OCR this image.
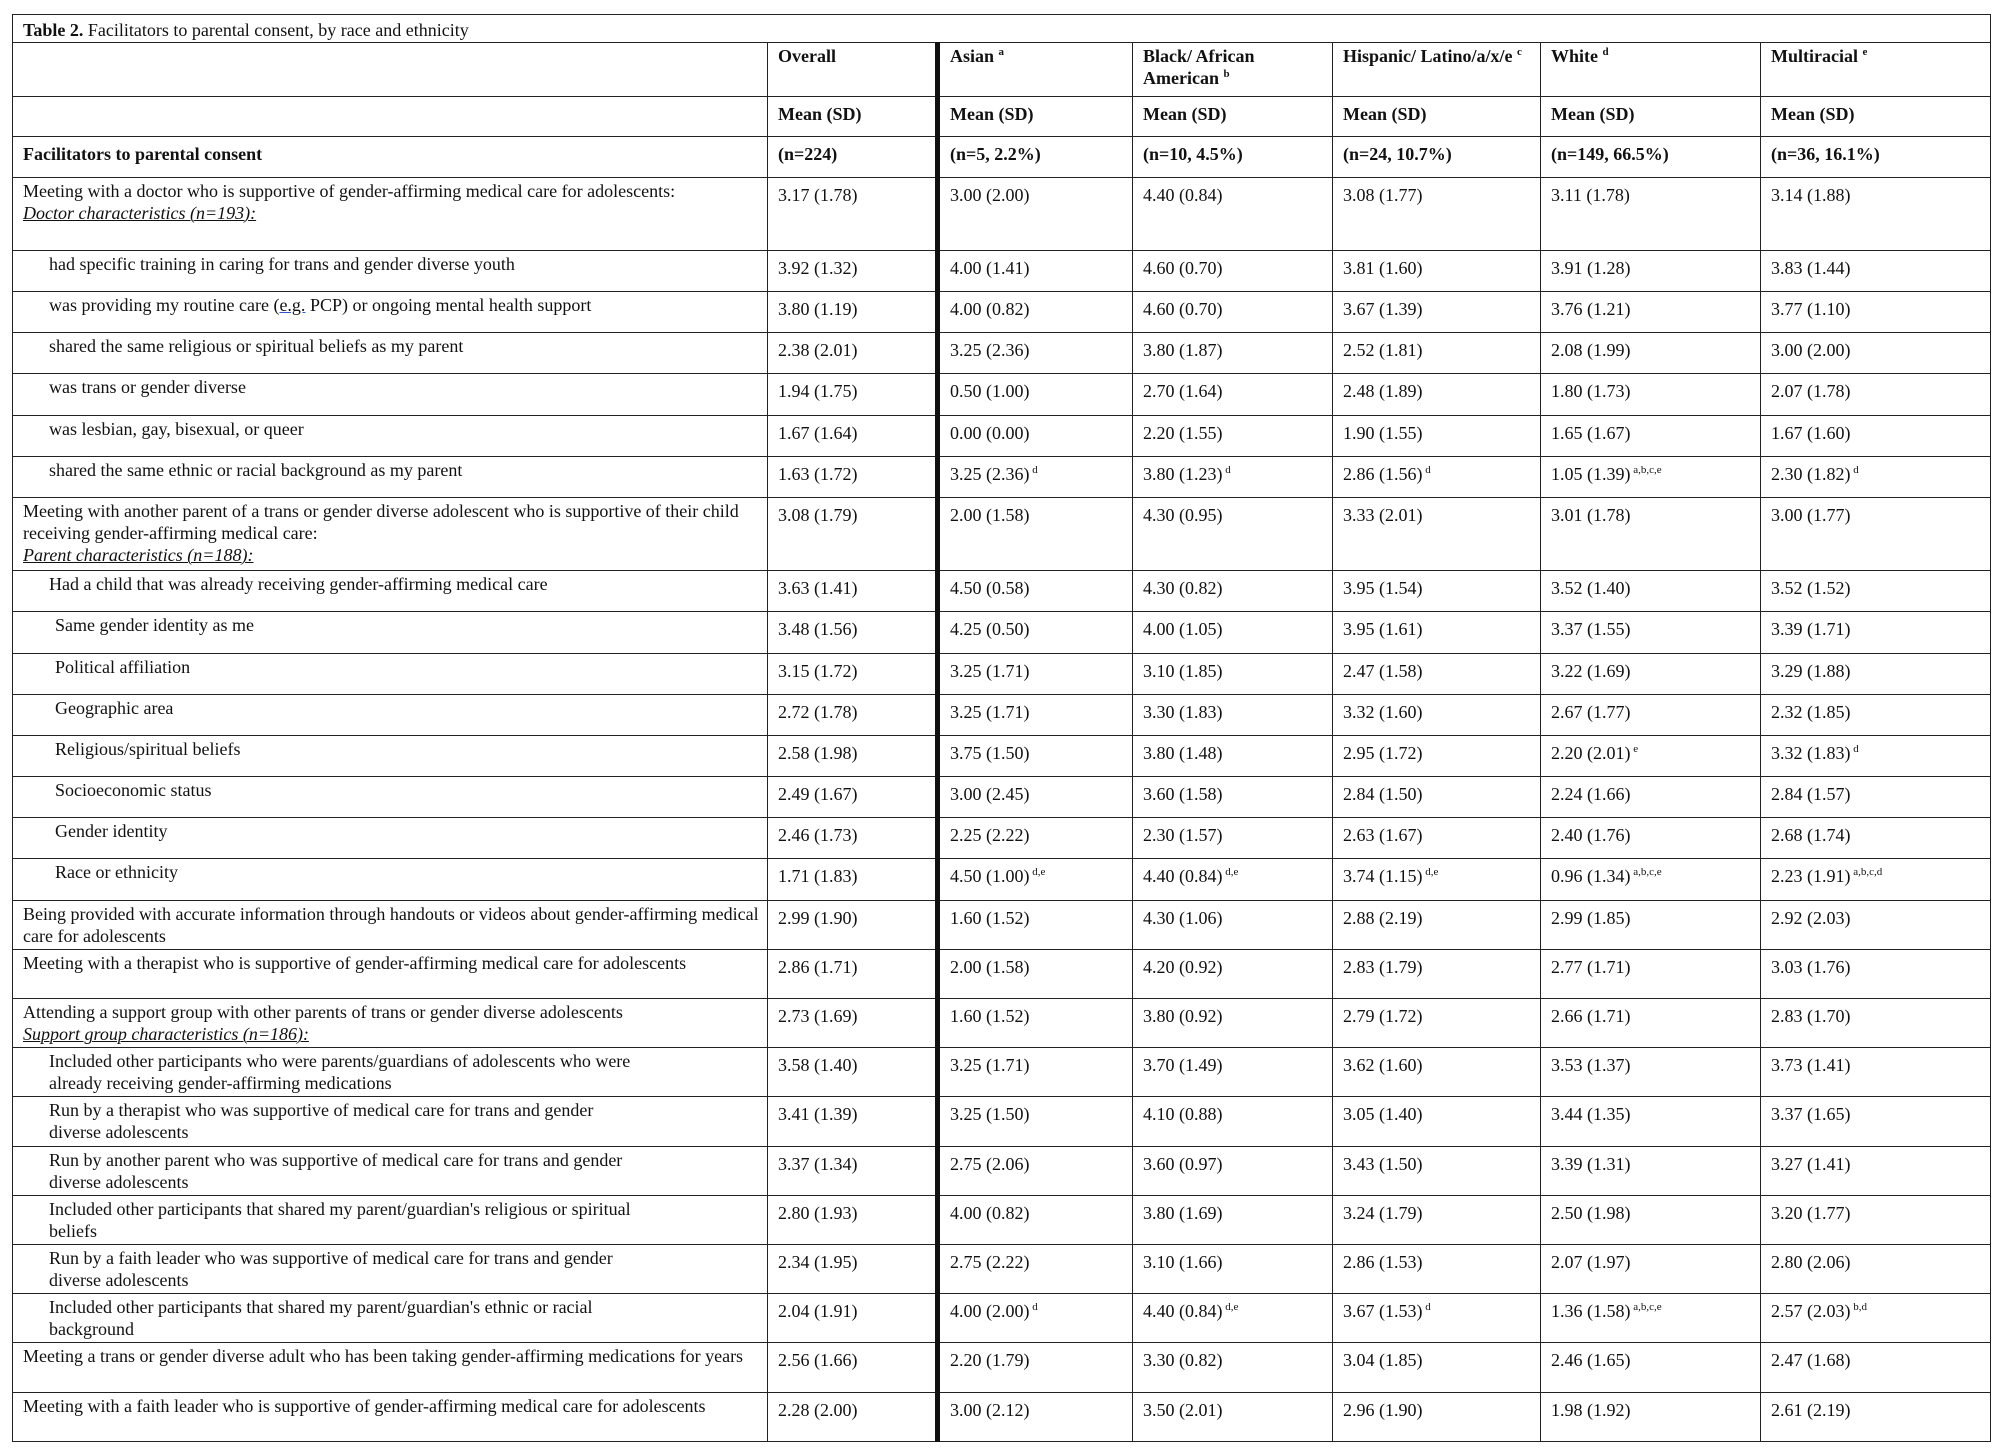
Table 2. Facilitators to parental consent, by race and ethnicity						
	Overall	Asian $^a$	Black/ African American $^b$	Hispanic/ Latino/a/x/e $^c$	White $^d$	Multiracial $^e$
	Mean (SD)	Mean (SD)	Mean (SD)	Mean (SD)	Mean (SD)	Mean (SD)
Facilitators to parental consent	(n=224)	(n=5, 2.2%)	(n=10, 4.5%)	(n=24, 10.7%)	(n=149, 66.5%)	(n=36, 16.1%)
Meeting with a doctor who is supportive of gender-affirming medical care for adolescents:
Doctor characteristics (n=193):	3.17 (1.78)	3.00 (2.00)	4.40 (0.84)	3.08 (1.77)	3.11 (1.78)	3.14 (1.88)
had specific training in caring for trans and gender diverse youth	3.92 (1.32)	4.00 (1.41)	4.60 (0.70)	3.81 (1.60)	3.91 (1.28)	3.83 (1.44)
was providing my routine care (e.g. PCP) or ongoing mental health support	3.80 (1.19)	4.00 (0.82)	4.60 (0.70)	3.67 (1.39)	3.76 (1.21)	3.77 (1.10)
shared the same religious or spiritual beliefs as my parent	2.38 (2.01)	3.25 (2.36)	3.80 (1.87)	2.52 (1.81)	2.08 (1.99)	3.00 (2.00)
was trans or gender diverse	1.94 (1.75)	0.50 (1.00)	2.70 (1.64)	2.48 (1.89)	1.80 (1.73)	2.07 (1.78)
was lesbian, gay, bisexual, or queer	1.67 (1.64)	0.00 (0.00)	2.20 (1.55)	1.90 (1.55)	1.65 (1.67)	1.67 (1.60)
shared the same ethnic or racial background as my parent	1.63 (1.72)	3.25 (2.36) $^d$	3.80 (1.23) $^d$	2.86 (1.56) $^d$	1.05 (1.39) $^{a,b,c,e}$	2.30 (1.82) $^d$
Meeting with another parent of a trans or gender diverse adolescent who is supportive of their child receiving gender-affirming medical care:
Parent characteristics (n=188):	3.08 (1.79)	2.00 (1.58)	4.30 (0.95)	3.33 (2.01)	3.01 (1.78)	3.00 (1.77)
Had a child that was already receiving gender-affirming medical care	3.63 (1.41)	4.50 (0.58)	4.30 (0.82)	3.95 (1.54)	3.52 (1.40)	3.52 (1.52)
Same gender identity as me	3.48 (1.56)	4.25 (0.50)	4.00 (1.05)	3.95 (1.61)	3.37 (1.55)	3.39 (1.71)
Political affiliation	3.15 (1.72)	3.25 (1.71)	3.10 (1.85)	2.47 (1.58)	3.22 (1.69)	3.29 (1.88)
Geographic area	2.72 (1.78)	3.25 (1.71)	3.30 (1.83)	3.32 (1.60)	2.67 (1.77)	2.32 (1.85)
Religious/spiritual beliefs	2.58 (1.98)	3.75 (1.50)	3.80 (1.48)	2.95 (1.72)	2.20 (2.01) $^e$	3.32 (1.83) $^d$
Socioeconomic status	2.49 (1.67)	3.00 (2.45)	3.60 (1.58)	2.84 (1.50)	2.24 (1.66)	2.84 (1.57)
Gender identity	2.46 (1.73)	2.25 (2.22)	2.30 (1.57)	2.63 (1.67)	2.40 (1.76)	2.68 (1.74)
Race or ethnicity	1.71 (1.83)	4.50 (1.00) $^{d,e}$	4.40 (0.84) $^{d,e}$	3.74 (1.15) $^{d,e}$	0.96 (1.34) $^{a,b,c,e}$	2.23 (1.91) $^{a,b,c,d}$
Being provided with accurate information through handouts or videos about gender-affirming medical care for adolescents	2.99 (1.90)	1.60 (1.52)	4.30 (1.06)	2.88 (2.19)	2.99 (1.85)	2.92 (2.03)
Meeting with a therapist who is supportive of gender-affirming medical care for adolescents	2.86 (1.71)	2.00 (1.58)	4.20 (0.92)	2.83 (1.79)	2.77 (1.71)	3.03 (1.76)
Attending a support group with other parents of trans or gender diverse adolescents
Support group characteristics (n=186):	2.73 (1.69)	1.60 (1.52)	3.80 (0.92)	2.79 (1.72)	2.66 (1.71)	2.83 (1.70)
Included other participants who were parents/guardians of adolescents who were
already receiving gender-affirming medications	3.58 (1.40)	3.25 (1.71)	3.70 (1.49)	3.62 (1.60)	3.53 (1.37)	3.73 (1.41)
Run by a therapist who was supportive of medical care for trans and gender
diverse adolescents	3.41 (1.39)	3.25 (1.50)	4.10 (0.88)	3.05 (1.40)	3.44 (1.35)	3.37 (1.65)
Run by another parent who was supportive of medical care for trans and gender
diverse adolescents	3.37 (1.34)	2.75 (2.06)	3.60 (0.97)	3.43 (1.50)	3.39 (1.31)	3.27 (1.41)
Included other participants that shared my parent/guardian's religious or spiritual
beliefs	2.80 (1.93)	4.00 (0.82)	3.80 (1.69)	3.24 (1.79)	2.50 (1.98)	3.20 (1.77)
Run by a faith leader who was supportive of medical care for trans and gender
diverse adolescents	2.34 (1.95)	2.75 (2.22)	3.10 (1.66)	2.86 (1.53)	2.07 (1.97)	2.80 (2.06)
Included other participants that shared my parent/guardian's ethnic or racial
background	2.04 (1.91)	4.00 (2.00) $^d$	4.40 (0.84) $^{d,e}$	3.67 (1.53) $^d$	1.36 (1.58) $^{a,b,c,e}$	2.57 (2.03) $^{b,d}$
Meeting a trans or gender diverse adult who has been taking gender-affirming medications for years	2.56 (1.66)	2.20 (1.79)	3.30 (0.82)	3.04 (1.85)	2.46 (1.65)	2.47 (1.68)
Meeting with a faith leader who is supportive of gender-affirming medical care for adolescents	2.28 (2.00)	3.00 (2.12)	3.50 (2.01)	2.96 (1.90)	1.98 (1.92)	2.61 (2.19)
